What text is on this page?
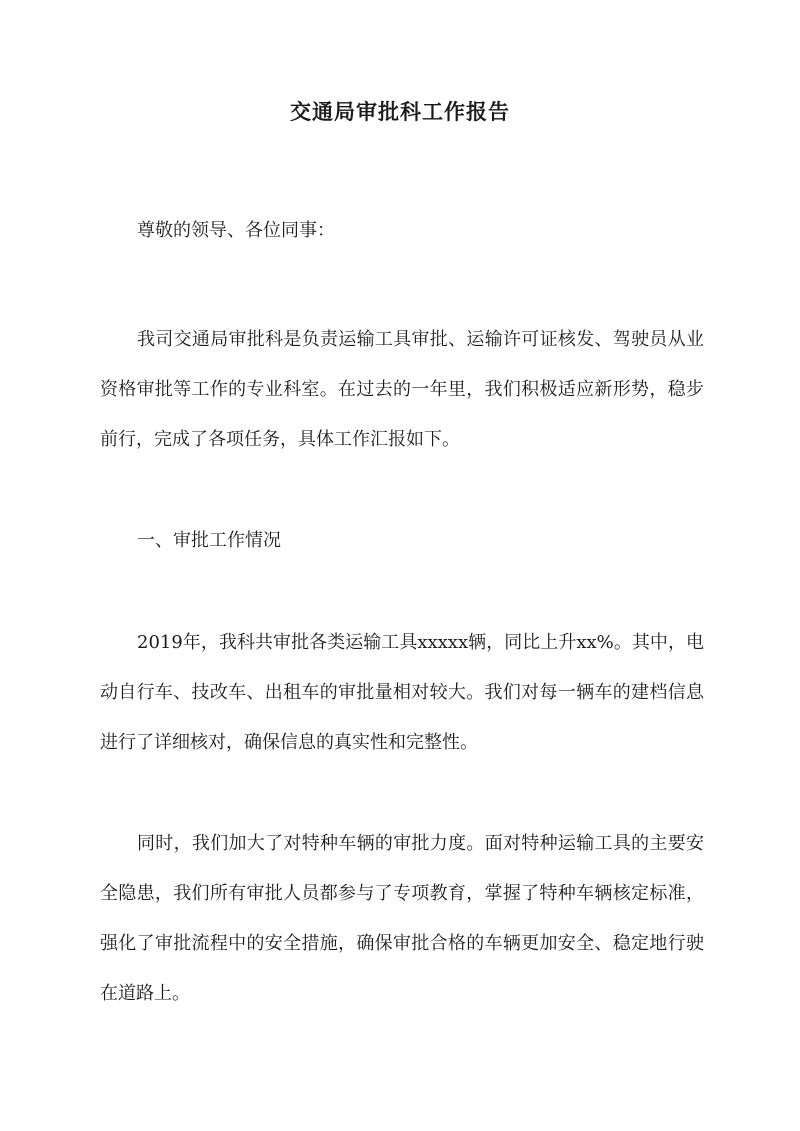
交通局审批科工作报告

尊敬的领导、各位同事：

我司交通局审批科是负责运输工具审批、运输许可证核发、驾驶员从业资格审批等工作的专业科室。在过去的一年里，我们积极适应新形势，稳步前行，完成了各项任务，具体工作汇报如下。

一、审批工作情况

2019年，我科共审批各类运输工具xxxxx辆，同比上升xx%。其中，电动自行车、技改车、出租车的审批量相对较大。我们对每一辆车的建档信息进行了详细核对，确保信息的真实性和完整性。

同时，我们加大了对特种车辆的审批力度。面对特种运输工具的主要安全隐患，我们所有审批人员都参与了专项教育，掌握了特种车辆核定标准，强化了审批流程中的安全措施，确保审批合格的车辆更加安全、稳定地行驶在道路上。
